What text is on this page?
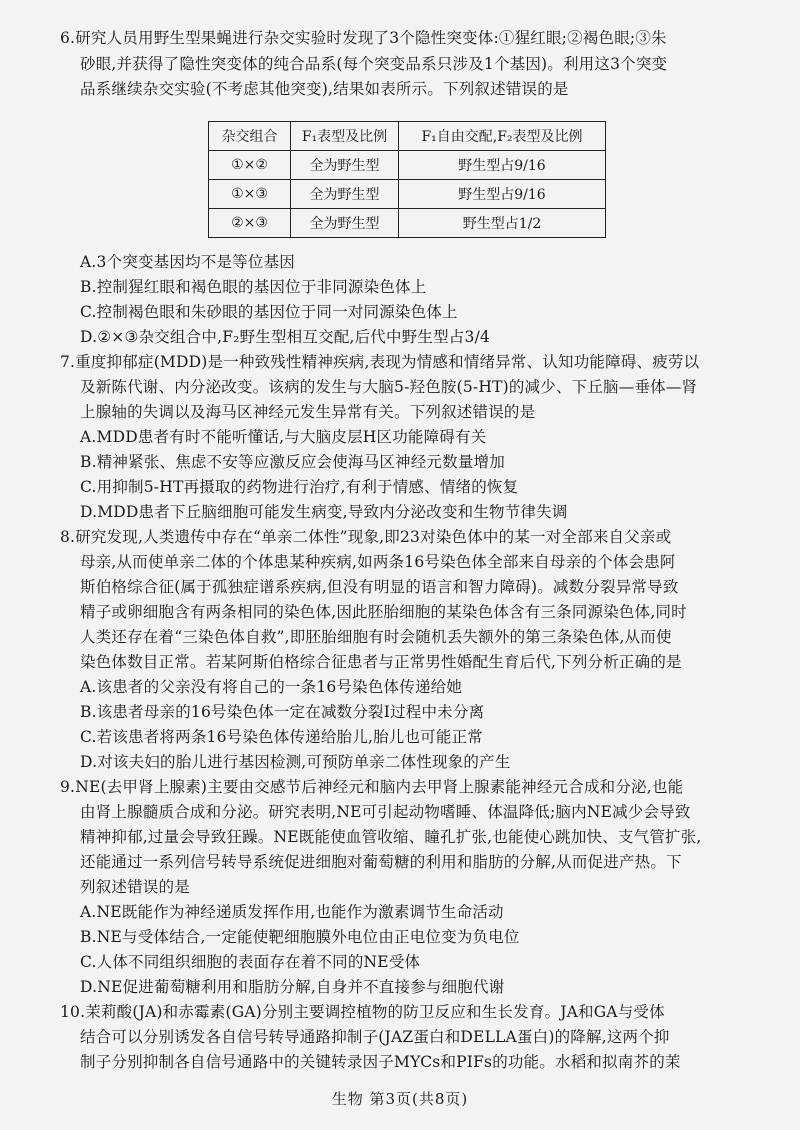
6.研究人员用野生型果蝇进行杂交实验时发现了3个隐性突变体:①猩红眼;②褐色眼;③朱
砂眼,并获得了隐性突变体的纯合品系(每个突变品系只涉及1个基因)。利用这3个突变
品系继续杂交实验(不考虑其他突变),结果如表所示。下列叙述错误的是
杂交组合	F₁表型及比例	F₁自由交配,F₂表型及比例
①×②	全为野生型	野生型占9/16
①×③	全为野生型	野生型占9/16
②×③	全为野生型	野生型占1/2
A.3个突变基因均不是等位基因
B.控制猩红眼和褐色眼的基因位于非同源染色体上
C.控制褐色眼和朱砂眼的基因位于同一对同源染色体上
D.②×③杂交组合中,F₂野生型相互交配,后代中野生型占3/4
7.重度抑郁症(MDD)是一种致残性精神疾病,表现为情感和情绪异常、认知功能障碍、疲劳以
及新陈代谢、内分泌改变。该病的发生与大脑5-羟色胺(5-HT)的减少、下丘脑—垂体—肾
上腺轴的失调以及海马区神经元发生异常有关。下列叙述错误的是
A.MDD患者有时不能听懂话,与大脑皮层H区功能障碍有关
B.精神紧张、焦虑不安等应激反应会使海马区神经元数量增加
C.用抑制5-HT再摄取的药物进行治疗,有利于情感、情绪的恢复
D.MDD患者下丘脑细胞可能发生病变,导致内分泌改变和生物节律失调
8.研究发现,人类遗传中存在“单亲二体性”现象,即23对染色体中的某一对全部来自父亲或
母亲,从而使单亲二体的个体患某种疾病,如两条16号染色体全部来自母亲的个体会患阿
斯伯格综合征(属于孤独症谱系疾病,但没有明显的语言和智力障碍)。减数分裂异常导致
精子或卵细胞含有两条相同的染色体,因此胚胎细胞的某染色体含有三条同源染色体,同时
人类还存在着“三染色体自救”,即胚胎细胞有时会随机丢失额外的第三条染色体,从而使
染色体数目正常。若某阿斯伯格综合征患者与正常男性婚配生育后代,下列分析正确的是
A.该患者的父亲没有将自己的一条16号染色体传递给她
B.该患者母亲的16号染色体一定在减数分裂Ⅰ过程中未分离
C.若该患者将两条16号染色体传递给胎儿,胎儿也可能正常
D.对该夫妇的胎儿进行基因检测,可预防单亲二体性现象的产生
9.NE(去甲肾上腺素)主要由交感节后神经元和脑内去甲肾上腺素能神经元合成和分泌,也能
由肾上腺髓质合成和分泌。研究表明,NE可引起动物嗜睡、体温降低;脑内NE减少会导致
精神抑郁,过量会导致狂躁。NE既能使血管收缩、瞳孔扩张,也能使心跳加快、支气管扩张,
还能通过一系列信号转导系统促进细胞对葡萄糖的利用和脂肪的分解,从而促进产热。下
列叙述错误的是
A.NE既能作为神经递质发挥作用,也能作为激素调节生命活动
B.NE与受体结合,一定能使靶细胞膜外电位由正电位变为负电位
C.人体不同组织细胞的表面存在着不同的NE受体
D.NE促进葡萄糖利用和脂肪分解,自身并不直接参与细胞代谢
10.茉莉酸(JA)和赤霉素(GA)分别主要调控植物的防卫反应和生长发育。JA和GA与受体
结合可以分别诱发各自信号转导通路抑制子(JAZ蛋白和DELLA蛋白)的降解,这两个抑
制子分别抑制各自信号通路中的关键转录因子MYCs和PIFs的功能。水稻和拟南芥的茉
生物 第3页(共8页)
